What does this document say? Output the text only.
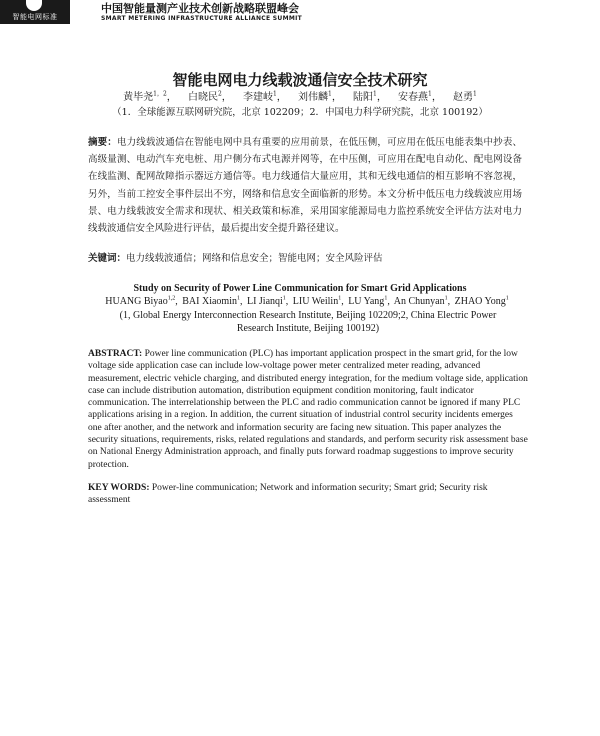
智能电网标准
中国智能量测产业技术创新战略联盟峰会
SMART METERING INFRASTRUCTURE ALLIANCE SUMMIT
智能电网电力线载波通信安全技术研究
黄毕尧$^{1,2}$， 白晓民$^2$， 李建岐$^1$， 刘伟麟$^1$， 陆阳$^1$， 安春燕$^1$， 赵勇$^1$
（1．全球能源互联网研究院，北京 102209；2．中国电力科学研究院，北京 100192）

摘要：电力线载波通信在智能电网中具有重要的应用前景，在低压侧，可应用在低压电能表集中抄表、高级量测、电动汽车充电桩、用户侧分布式电源并网等，在中压侧，可应用在配电自动化、配电网设备在线监测、配网故障指示器远方通信等。电力线通信大量应用，其和无线电通信的相互影响不容忽视，另外，当前工控安全事件层出不穷，网络和信息安全面临新的形势。本文分析中低压电力线载波应用场景、电力线载波安全需求和现状、相关政策和标准，采用国家能源局电力监控系统安全评估方法对电力线载波通信安全风险进行评估，最后提出安全提升路径建议。

关键词：电力线载波通信；网络和信息安全；智能电网；安全风险评估

Study on Security of Power Line Communication for Smart Grid Applications
HUANG Biyao$^{1,2}$, BAI Xiaomin$^1$, LI Jianqi$^1$, LIU Weilin$^1$, LU Yang$^1$, An Chunyan$^1$, ZHAO Yong$^1$

(1, Global Energy Interconnection Research Institute, Beijing 102209;2, China Electric Power Research Institute, Beijing 100192)

ABSTRACT: Power line communication (PLC) has important application prospect in the smart grid, for the low voltage side application case can include low-voltage power meter centralized meter reading, advanced measurement, electric vehicle charging, and distributed energy integration, for the medium voltage side, application case can include distribution automation, distribution equipment condition monitoring, fault indicator communication. The interrelationship between the PLC and radio communication cannot be ignored if many PLC applications arising in a region. In addition, the current situation of industrial control security incidents emerges one after another, and the network and information security are facing new situation. This paper analyzes the security situations, requirements, risks, related regulations and standards, and perform security risk assessment base on National Energy Administration approach, and finally puts forward roadmap suggestions to improve security protection.

KEY WORDS: Power-line communication; Network and information security; Smart grid; Security risk assessment
